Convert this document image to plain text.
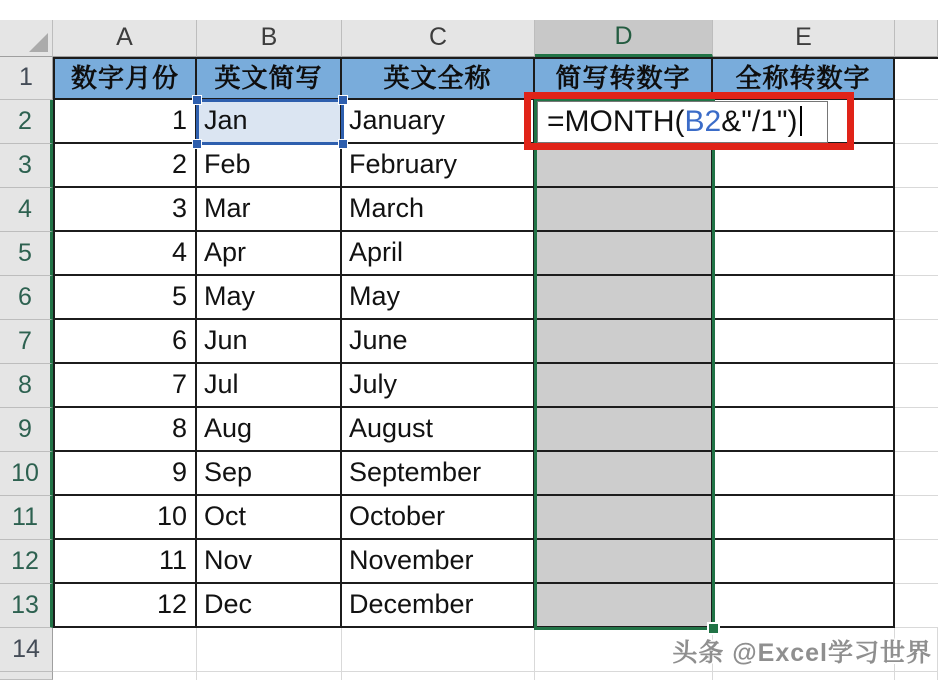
A	B	C	D	E
1
2
3
4
5
6
7
8
9
10
11
12
13
14
数字月份	英文简写	英文全称	简写转数字	全称转数字
1 Jan	January
2 Feb	February
3 Mar	March
4 Apr	April
5 May	May
6 Jun	June
7 Jul	July
8 Aug	August
9 Sep	September
10 Oct	October
11 Nov	November
12 Dec	December
=MONTH(B2&"/1")
头条 @Excel学习世界
